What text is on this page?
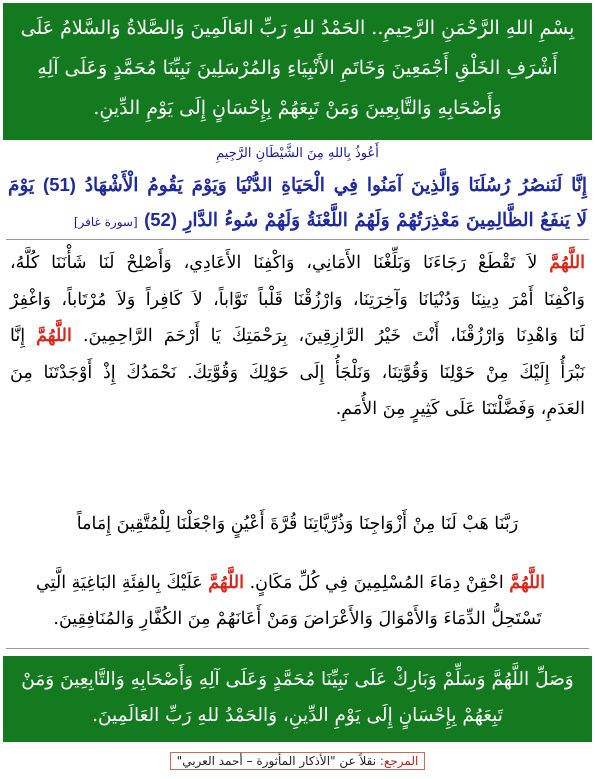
بِسْمِ اللهِ الرَّحْمَنِ الرَّحِيمِ.. الحَمْدُ للهِ رَبِّ العَالَمِينَ وَالصَّلاةُ وَالسَّلامُ عَلَى
أَشْرَفِ الخَلْقِ أَجْمَعِينَ وَخَاتَمِ الأَنْبِيَاءِ وَالمُرْسَلِينَ نَبِيِّنَا مُحَمَّدٍ وَعَلَى آلِهِ
وَأَصْحَابِهِ وَالتَّابِعِينَ وَمَنْ تَبِعَهُمْ بِإِحْسَانٍ إِلَى يَوْمِ الدِّينِ.
أَعُوذُ بِاللهِ مِنَ الشَّيْطَانِ الرَّجِيمِ
إِنَّا لَنَنصُرُ رُسُلَنَا وَالَّذِينَ آمَنُوا فِي الْحَيَاةِ الدُّنْيَا وَيَوْمَ يَقُومُ الْأَشْهَادُ (51) يَوْمَ
لَا يَنفَعُ الظَّالِمِينَ مَعْذِرَتُهُمْ وَلَهُمُ اللَّعْنَةُ وَلَهُمْ سُوءُ الدَّارِ (52) [سورة غافر]
اللَّهُمَّ لاَ تَقْطَعْ رَجَاءَنَا وَبَلِّغْنَا الأَمَانِي، وَاكْفِنَا الأَعَادِي، وَأَصْلِحْ لَنَا شَأْنَنَا كُلَّهُ،
وَاكْفِنَا أَمْرَ دِينِنَا وَدُنْيَانَا وَآخِرَتِنَا، وَارْزُقْنَا قَلْباً تَوَّاباً، لاَ كَافِراً وَلاَ مُرْتَاباً، وَاغْفِرْ
لَنَا وَاهْدِنَا وَارْزُقْنَا، أَنْتَ خَيْرُ الرَّازِقِينَ، بِرَحْمَتِكَ يَا أَرْحَمَ الرَّاحِمِينَ. اللَّهُمَّ إِنَّا
نَبْرَأُ إِلَيْكَ مِنْ حَوْلِنَا وَقُوَّتِنَا، وَنَلْجَأُ إِلَى حَوْلِكَ وَقُوَّتِكَ. نَحْمَدُكَ إِذْ أَوْجَدْتَنَا مِنَ
العَدَمِ، وَفَضَّلْتَنَا عَلَى كَثِيرٍ مِنَ الأُمَمِ.
رَبَّنَا هَبْ لَنَا مِنْ أَزْوَاجِنَا وَذُرِّيَّاتِنَا قُرَّةَ أَعْيُنٍ وَاجْعَلْنَا لِلْمُتَّقِينَ إِمَاماً
اللَّهُمَّ احْقِنْ دِمَاءَ المُسْلِمِينَ فِي كُلِّ مَكَانٍ. اللَّهُمَّ عَلَيْكَ بِالفِئَةِ البَاغِيَةِ الَّتِي
تَسْتَحِلُّ الدِّمَاءَ وَالأَمْوَالَ وَالأَعْرَاضَ وَمَنْ أَعَانَهُمْ مِنَ الكُفَّارِ وَالمُنَافِقِينَ.
وَصَلِّ اللَّهُمَّ وَسَلِّمْ وَبَارِكْ عَلَى نَبِيِّنَا مُحَمَّدٍ وَعَلَى آلِهِ وَأَصْحَابِهِ وَالتَّابِعِينَ وَمَنْ
تَبِعَهُمْ بِإِحْسَانٍ إِلَى يَوْمِ الدِّينِ، وَالحَمْدُ للهِ رَبِّ العَالَمِينَ.
المرجع: نقلاً عن "الأذكار المأثورة – أحمد العربي"
